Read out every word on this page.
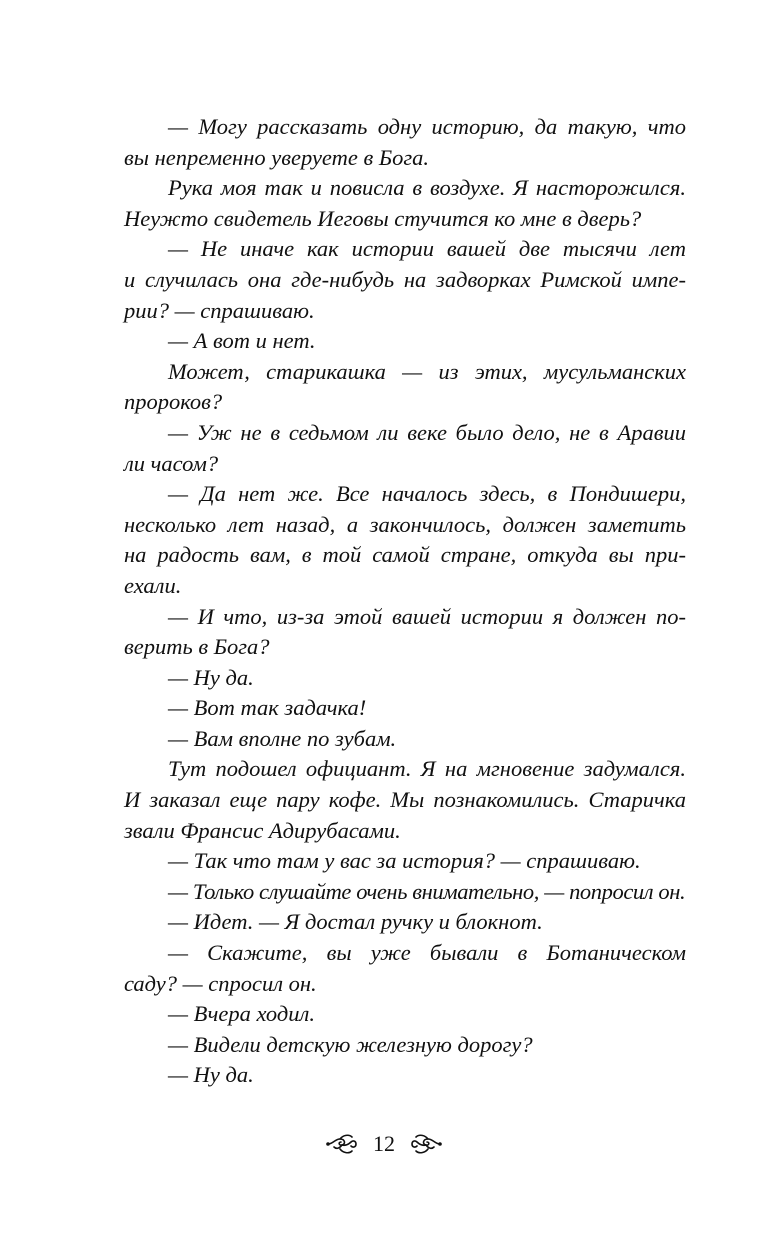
— Могу рассказать одну историю, да такую, что
вы непременно уверуете в Бога.
Рука моя так и повисла в воздухе. Я насторожился.
Неужто свидетель Иеговы стучится ко мне в дверь?
— Не иначе как истории вашей две тысячи лет
и случилась она где-нибудь на задворках Римской импе-
рии? — спрашиваю.
— А вот и нет.
Может, старикашка — из этих, мусульманских
пророков?
— Уж не в седьмом ли веке было дело, не в Аравии
ли часом?
— Да нет же. Все началось здесь, в Пондишери,
несколько лет назад, а закончилось, должен заметить
на радость вам, в той самой стране, откуда вы при-
ехали.
— И что, из-за этой вашей истории я должен по-
верить в Бога?
— Ну да.
— Вот так задачка!
— Вам вполне по зубам.
Тут подошел официант. Я на мгновение задумался.
И заказал еще пару кофе. Мы познакомились. Старичка
звали Франсис Адирубасами.
— Так что там у вас за история? — спрашиваю.
— Только слушайте очень внимательно, — попросил он.
— Идет. — Я достал ручку и блокнот.
— Скажите, вы уже бывали в Ботаническом
саду? — спросил он.
— Вчера ходил.
— Видели детскую железную дорогу?
— Ну да.
12
